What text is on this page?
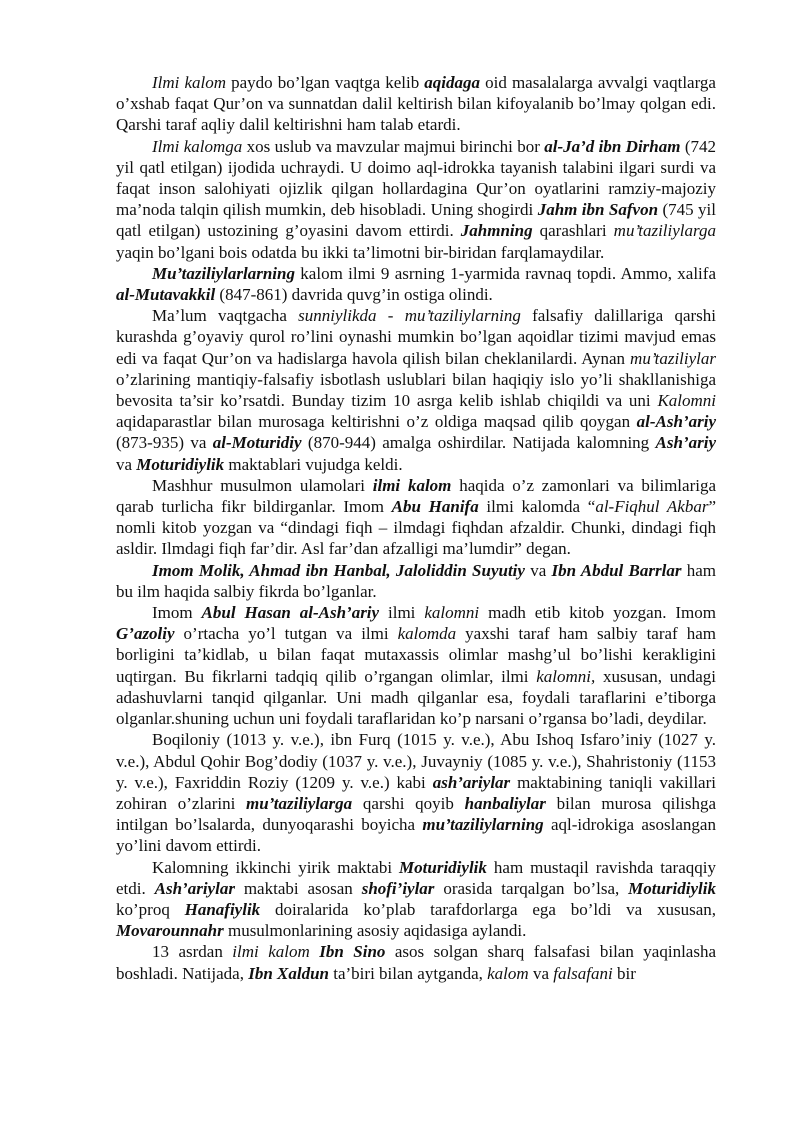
Ilmi kalom paydo bo’lgan vaqtga kelib aqidaga oid masalalarga avvalgi vaqtlarga o’xshab faqat Qur’on va sunnatdan dalil keltirish bilan kifoyalanib bo’lmay qolgan edi. Qarshi taraf aqliy dalil keltirishni ham talab etardi.

Ilmi kalomga xos uslub va mavzular majmui birinchi bor al-Ja’d ibn Dirham (742 yil qatl etilgan) ijodida uchraydi. U doimo aql-idrokka tayanish talabini ilgari surdi va faqat inson salohiyati ojizlik qilgan hollardagina Qur’on oyatlarini ramziy-majoziy ma’noda talqin qilish mumkin, deb hisobladi. Uning shogirdi Jahm ibn Safvon (745 yil qatl etilgan) ustozining g’oyasini davom ettirdi. Jahmning qarashlari mu’taziliylarga yaqin bo’lgani bois odatda bu ikki ta’limotni bir-biridan farqlamaydilar.

Mu’taziliylarlarning kalom ilmi 9 asrning 1-yarmida ravnaq topdi. Ammo, xalifa al-Mutavakkil (847-861) davrida quvg’in ostiga olindi.

Ma’lum vaqtgacha sunniylikda - mu’taziliylarning falsafiy dalillariga qarshi kurashda g’oyaviy qurol ro’lini oynashi mumkin bo’lgan aqoidlar tizimi mavjud emas edi va faqat Qur’on va hadislarga havola qilish bilan cheklanilardi. Aynan mu’taziliylar o’zlarining mantiqiy-falsafiy isbotlash uslublari bilan haqiqiy islo yo’li shakllanishiga bevosita ta’sir ko’rsatdi. Bunday tizim 10 asrga kelib ishlab chiqildi va uni Kalomni aqidaparastlar bilan murosaga keltirishni o’z oldiga maqsad qilib qoygan al-Ash’ariy (873-935) va al-Moturidiy (870-944) amalga oshirdilar. Natijada kalomning Ash’ariy va Moturidiylik maktablari vujudga keldi.

Mashhur musulmon ulamolari ilmi kalom haqida o’z zamonlari va bilimlariga qarab turlicha fikr bildirganlar. Imom Abu Hanifa ilmi kalomda “al-Fiqhul Akbar” nomli kitob yozgan va “dindagi fiqh – ilmdagi fiqhdan afzaldir. Chunki, dindagi fiqh asldir. Ilmdagi fiqh far’dir. Asl far’dan afzalligi ma’lumdir” degan.

Imom Molik, Ahmad ibn Hanbal, Jaloliddin Suyutiy va Ibn Abdul Barrlar ham bu ilm haqida salbiy fikrda bo’lganlar.

Imom Abul Hasan al-Ash’ariy ilmi kalomni madh etib kitob yozgan. Imom G’azoliy o’rtacha yo’l tutgan va ilmi kalomda yaxshi taraf ham salbiy taraf ham borligini ta’kidlab, u bilan faqat mutaxassis olimlar mashg’ul bo’lishi kerakligini uqtirgan. Bu fikrlarni tadqiq qilib o’rgangan olimlar, ilmi kalomni, xususan, undagi adashuvlarni tanqid qilganlar. Uni madh qilganlar esa, foydali taraflarini e’tiborga olganlar.shuning uchun uni foydali taraflaridan ko’p narsani o’rgansa bo’ladi, deydilar.

Boqiloniy (1013 y. v.e.), ibn Furq (1015 y. v.e.), Abu Ishoq Isfaro’iniy (1027 y. v.e.), Abdul Qohir Bog’dodiy (1037 y. v.e.), Juvayniy (1085 y. v.e.), Shahristoniy (1153 y. v.e.), Faxriddin Roziy (1209 y. v.e.) kabi ash’ariylar maktabining taniqli vakillari zohiran o’zlarini mu’taziliylarga qarshi qoyib hanbaliylar bilan murosa qilishga intilgan bo’lsalarda, dunyoqarashi boyicha mu’taziliylarning aql-idrokiga asoslangan yo’lini davom ettirdi.

Kalomning ikkinchi yirik maktabi Moturidiylik ham mustaqil ravishda taraqqiy etdi. Ash’ariylar maktabi asosan shofi’iylar orasida tarqalgan bo’lsa, Moturidiylik ko’proq Hanafiylik doiralarida ko’plab tarafdorlarga ega bo’ldi va xususan, Movarounnahr musulmonlarining asosiy aqidasiga aylandi.

13 asrdan ilmi kalom Ibn Sino asos solgan sharq falsafasi bilan yaqinlasha boshladi. Natijada, Ibn Xaldun ta’biri bilan aytganda, kalom va falsafani bir
